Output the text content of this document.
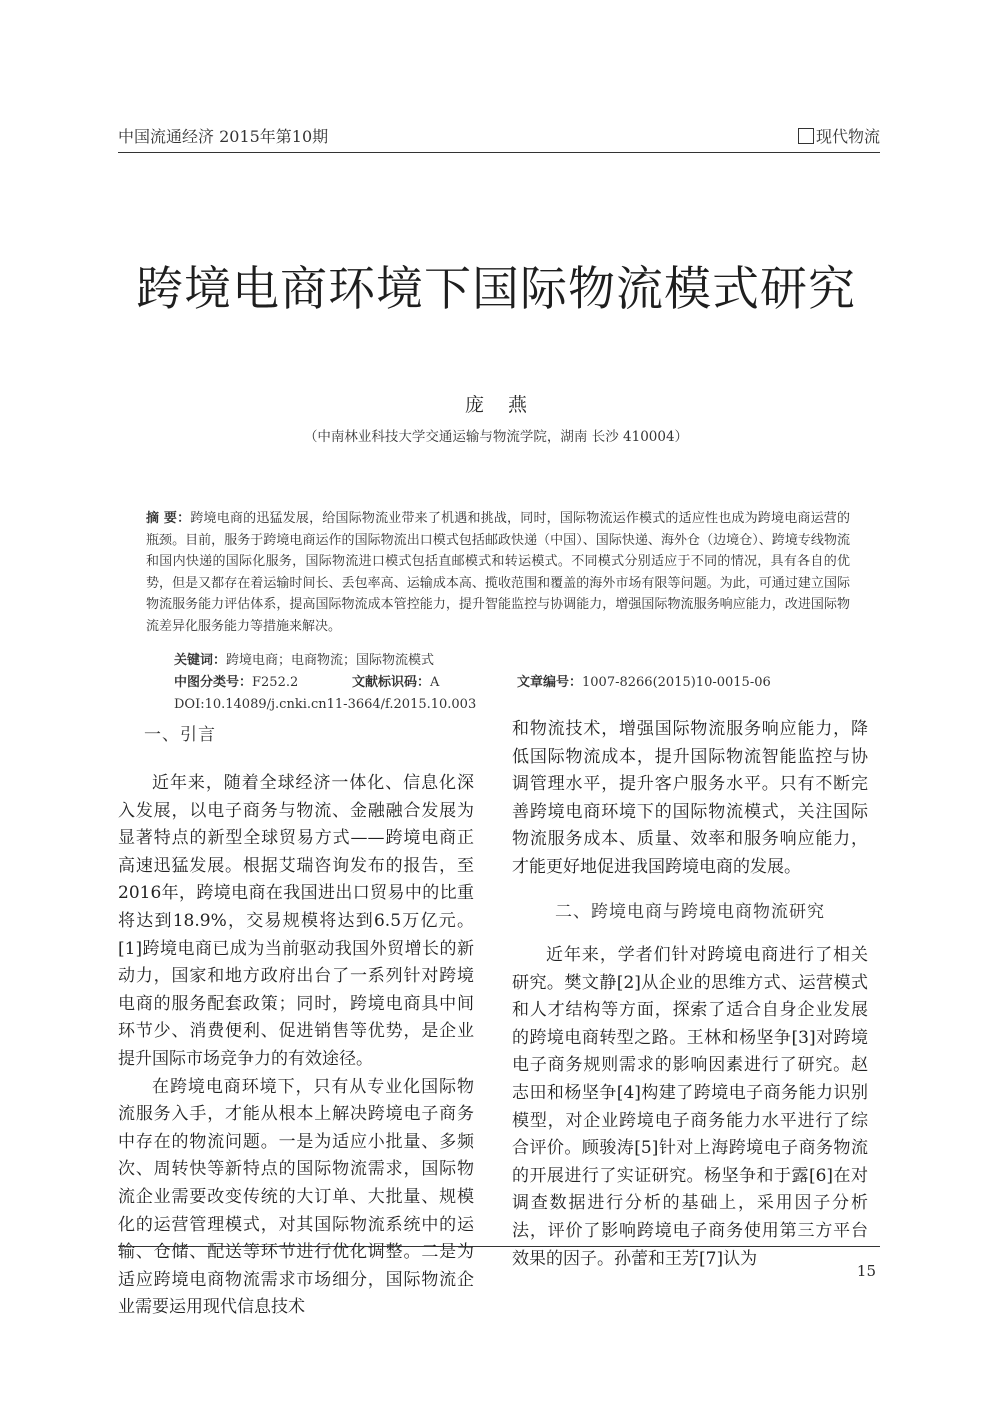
中国流通经济 2015年第10期	现代物流
跨境电商环境下国际物流模式研究
庞燕
（中南林业科技大学交通运输与物流学院，湖南 长沙 410004）
摘 要：跨境电商的迅猛发展，给国际物流业带来了机遇和挑战，同时，国际物流运作模式的适应性也成为跨境电商运营的瓶颈。目前，服务于跨境电商运作的国际物流出口模式包括邮政快递（中国）、国际快递、海外仓（边境仓）、跨境专线物流和国内快递的国际化服务，国际物流进口模式包括直邮模式和转运模式。不同模式分别适应于不同的情况，具有各自的优势，但是又都存在着运输时间长、丢包率高、运输成本高、揽收范围和覆盖的海外市场有限等问题。为此，可通过建立国际物流服务能力评估体系，提高国际物流成本管控能力，提升智能监控与协调能力，增强国际物流服务响应能力，改进国际物流差异化服务能力等措施来解决。
关键词：跨境电商；电商物流；国际物流模式
中图分类号：F252.2	文献标识码：A	文章编号：1007-8266(2015)10-0015-06
DOI:10.14089/j.cnki.cn11-3664/f.2015.10.003
一、引言

近年来，随着全球经济一体化、信息化深入发展，以电子商务与物流、金融融合发展为显著特点的新型全球贸易方式——跨境电商正高速迅猛发展。根据艾瑞咨询发布的报告，至2016年，跨境电商在我国进出口贸易中的比重将达到18.9%，交易规模将达到6.5万亿元。[1]跨境电商已成为当前驱动我国外贸增长的新动力，国家和地方政府出台了一系列针对跨境电商的服务配套政策；同时，跨境电商具中间环节少、消费便利、促进销售等优势，是企业提升国际市场竞争力的有效途径。

在跨境电商环境下，只有从专业化国际物流服务入手，才能从根本上解决跨境电子商务中存在的物流问题。一是为适应小批量、多频次、周转快等新特点的国际物流需求，国际物流企业需要改变传统的大订单、大批量、规模化的运营管理模式，对其国际物流系统中的运输、仓储、配送等环节进行优化调整。二是为适应跨境电商物流需求市场细分，国际物流企业需要运用现代信息技术

和物流技术，增强国际物流服务响应能力，降低国际物流成本，提升国际物流智能监控与协调管理水平，提升客户服务水平。只有不断完善跨境电商环境下的国际物流模式，关注国际物流服务成本、质量、效率和服务响应能力，才能更好地促进我国跨境电商的发展。

二、跨境电商与跨境电商物流研究

近年来，学者们针对跨境电商进行了相关研究。樊文静[2]从企业的思维方式、运营模式和人才结构等方面，探索了适合自身企业发展的跨境电商转型之路。王林和杨坚争[3]对跨境电子商务规则需求的影响因素进行了研究。赵志田和杨坚争[4]构建了跨境电子商务能力识别模型，对企业跨境电子商务能力水平进行了综合评价。顾骏涛[5]针对上海跨境电子商务物流的开展进行了实证研究。杨坚争和于露[6]在对调查数据进行分析的基础上，采用因子分析法，评价了影响跨境电子商务使用第三方平台效果的因子。孙蕾和王芳[7]认为

15
